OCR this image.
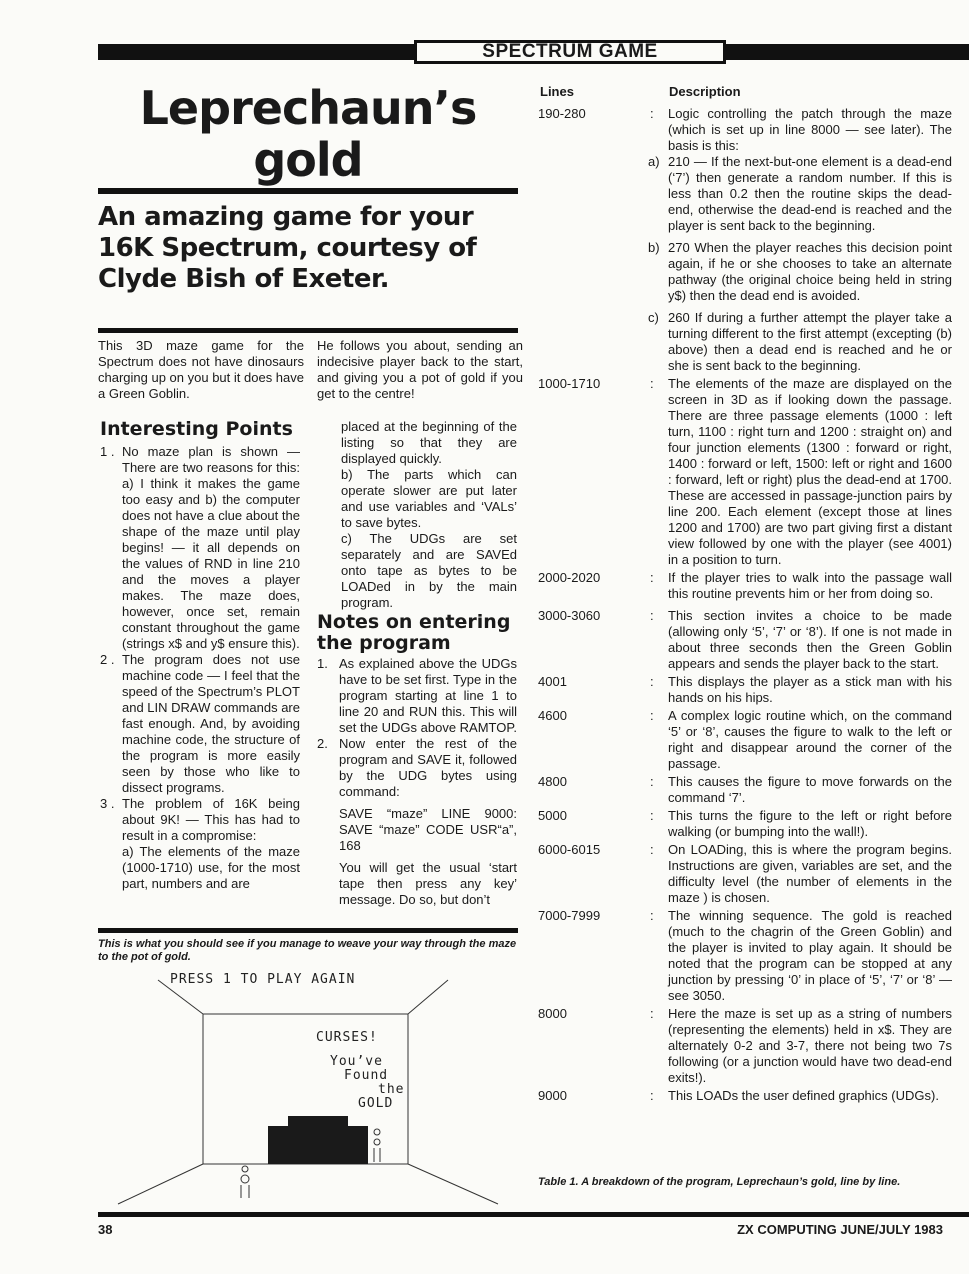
SPECTRUM GAME
Leprechaun’s
gold
An amazing game for your 16K Spectrum, courtesy of Clyde Bish of Exeter.
This 3D maze game for the Spectrum does not have dinosaurs charging up on you but it does have a Green Goblin.
He follows you about, sending an indecisive player back to the start, and giving you a pot of gold if you get to the centre!
Interesting Points
1 . No maze plan is shown — There are two reasons for this: a) I think it makes the game too easy and b) the computer does not have a clue about the shape of the maze until play begins! — it all depends on the values of RND in line 210 and the moves a player makes. The maze does, however, once set, remain constant throughout the game (strings x$ and y$ ensure this).
2 . The program does not use machine code — I feel that the speed of the Spectrum’s PLOT and LIN DRAW commands are fast enough. And, by avoiding machine code, the structure of the program is more easily seen by those who like to dissect programs.
3 . The problem of 16K being about 9K! — This has had to result in a compromise:

a) The elements of the maze (1000-1710) use, for the most part, numbers and are

placed at the beginning of the listing so that they are displayed quickly.

b) The parts which can operate slower are put later and use variables and ‘VALs’ to save bytes.

c) The UDGs are set separately and are SAVEd onto tape as bytes to be LOADed in by the main program.

Notes on entering the program
1. As explained above the UDGs have to be set first. Type in the program starting at line 1 to line 20 and RUN this. This will set the UDGs above RAMTOP.
2. Now enter the rest of the program and SAVE it, followed by the UDG bytes using command:

SAVE “maze” LINE 9000: SAVE “maze” CODE USR“a”, 168

You will get the usual ‘start tape then press any key’ message. Do so, but don’t

This is what you should see if you manage to weave your way through the maze to the pot of gold.
PRESS 1 TO PLAY AGAIN
CURSES!
You’ve
Found
the
GOLD
Lines	Description
190-280	: Logic controlling the patch through the maze (which is set up in line 8000 — see later). The basis is this:
a) 210 — If the next-but-one element is a dead-end (‘7’) then generate a random number. If this is less than 0.2 then the routine skips the dead-end, otherwise the dead-end is reached and the player is sent back to the beginning.
b) 270 When the player reaches this decision point again, if he or she chooses to take an alternate pathway (the original choice being held in string y$) then the dead end is avoided.
c) 260 If during a further attempt the player take a turning different to the first attempt (excepting (b) above) then a dead end is reached and he or she is sent back to the beginning.
1000-1710	: The elements of the maze are displayed on the screen in 3D as if looking down the passage. There are three passage elements (1000 : left turn, 1100 : right turn and 1200 : straight on) and four junction elements (1300 : forward or right, 1400 : forward or left, 1500: left or right and 1600 : forward, left or right) plus the dead-end at 1700. These are accessed in passage-junction pairs by line 200. Each element (except those at lines 1200 and 1700) are two part giving first a distant view followed by one with the player (see 4001) in a position to turn.
2000-2020	: If the player tries to walk into the passage wall this routine prevents him or her from doing so.
3000-3060	: This section invites a choice to be made (allowing only ‘5’, ‘7’ or ‘8’). If one is not made in about three seconds then the Green Goblin appears and sends the player back to the start.
4001	: This displays the player as a stick man with his hands on his hips.
4600	: A complex logic routine which, on the command ‘5’ or ‘8’, causes the figure to walk to the left or right and disappear around the corner of the passage.
4800	: This causes the figure to move forwards on the command ‘7’.
5000	: This turns the figure to the left or right before walking (or bumping into the wall!).
6000-6015	: On LOADing, this is where the program begins. Instructions are given, variables are set, and the difficulty level (the number of elements in the maze ) is chosen.
7000-7999	: The winning sequence. The gold is reached (much to the chagrin of the Green Goblin) and the player is invited to play again. It should be noted that the program can be stopped at any junction by pressing ‘0’ in place of ‘5’, ‘7’ or ‘8’ — see 3050.
8000	: Here the maze is set up as a string of numbers (representing the elements) held in x$. They are alternately 0-2 and 3-7, there not being two 7s following (or a junction would have two dead-end exits!).
9000	: This LOADs the user defined graphics (UDGs).
Table 1. A breakdown of the program, Leprechaun’s gold, line by line.
38	ZX COMPUTING JUNE/JULY 1983
